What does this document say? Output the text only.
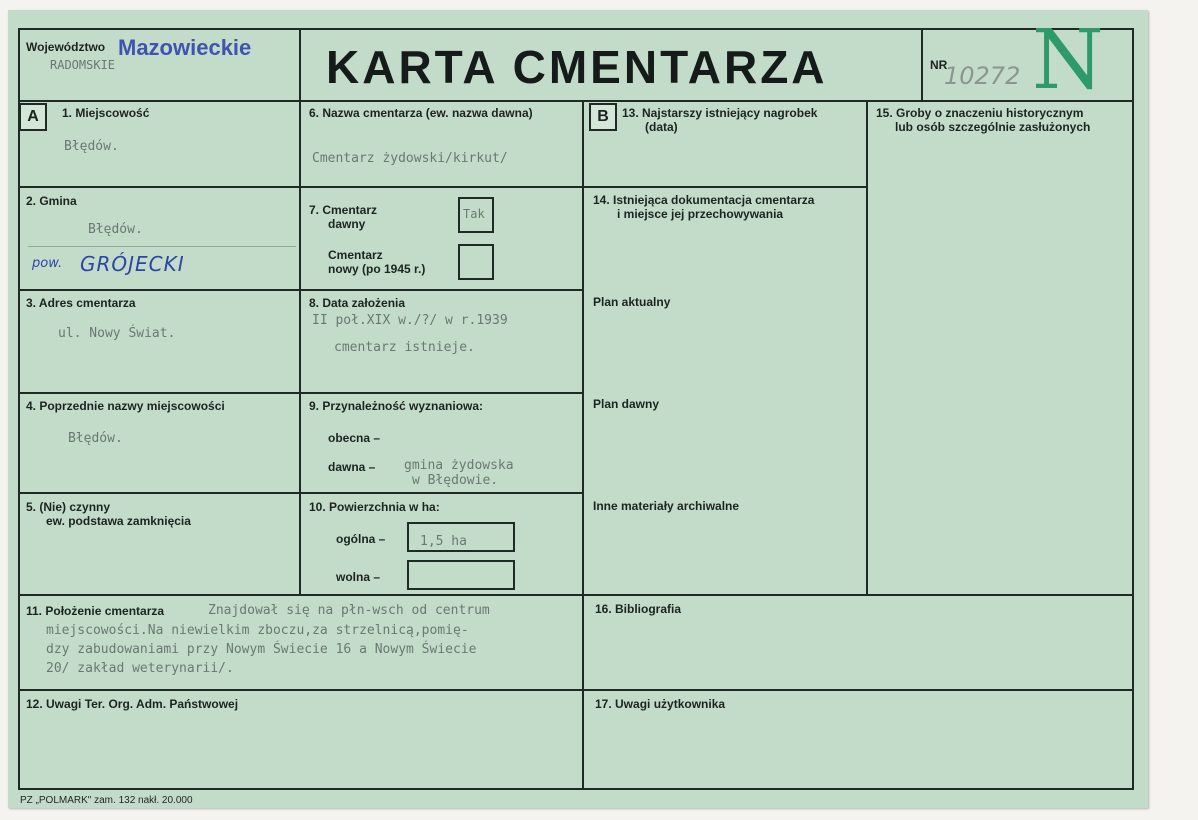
Województwo Mazowieckie
RADOMSKIE	KARTA CMENTARZA	NR
10272 N
A	B
1. Miejscowość
Błędów.
2. Gmina
Błędów.
pow. GRÓJECKI
3. Adres cmentarza
ul. Nowy Świat.
4. Poprzednie nazwy miejscowości
Błędów.
5. (Nie) czynny
ew. podstawa zamknięcia
6. Nazwa cmentarza (ew. nazwa dawna)
Cmentarz żydowski/kirkut/
7. Cmentarz
dawny
Tak
Cmentarz
nowy (po 1945 r.)
8. Data założenia
II poł.XIX w./?/ w r.1939
cmentarz istnieje.
9. Przynależność wyznaniowa:
obecna –
dawna – gmina żydowska
w Błędowie.
10. Powierzchnia w ha:
ogólna –	1,5 ha
wolna –
11. Położenie cmentarza	Znajdował się na płn-wsch od centrum
miejscowości.Na niewielkim zboczu,za strzelnicą,pomię-
dzy zabudowaniami przy Nowym Świecie 16 a Nowym Świecie
20/ zakład weterynarii/.
12. Uwagi Ter. Org. Adm. Państwowej
13. Najstarszy istniejący nagrobek
(data)
14. Istniejąca dokumentacja cmentarza
i miejsce jej przechowywania
Plan aktualny
Plan dawny
Inne materiały archiwalne
15. Groby o znaczeniu historycznym
lub osób szczególnie zasłużonych
16. Bibliografia
17. Uwagi użytkownika
PZ „POLMARK" zam. 132 nakł. 20.000
